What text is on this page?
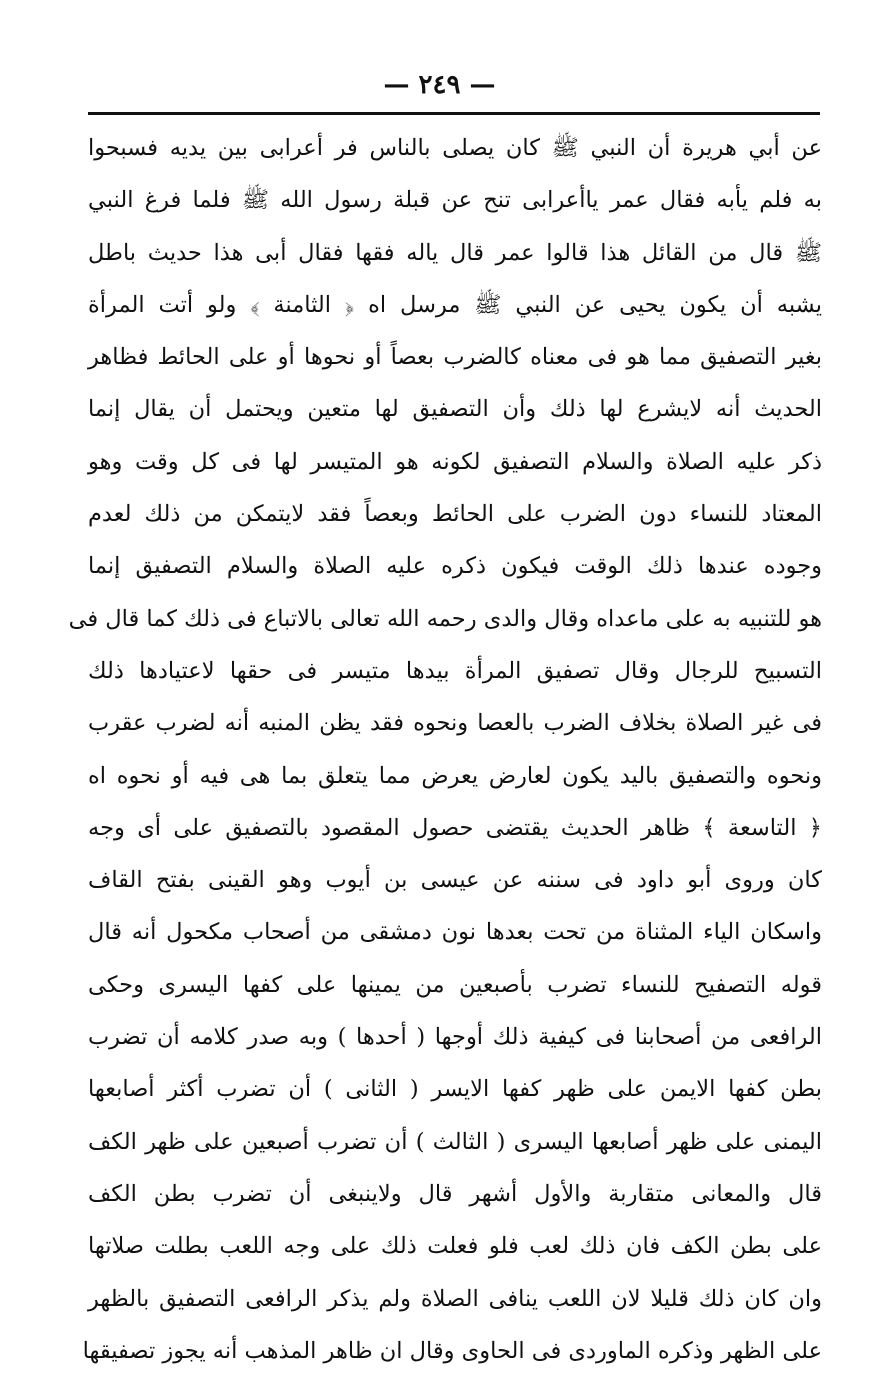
— ٢٤٩ —
عن أبي هريرة أن النبي ﷺ كان يصلى بالناس فر أعرابى بين يديه فسبحوا
به فلم يأبه فقال عمر ياأعرابى تنح عن قبلة رسول الله ﷺ فلما فرغ النبي
ﷺ قال من القائل هذا قالوا عمر قال ياله فقها فقال أبى هذا حديث باطل
يشبه أن يكون يحيى عن النبي ﷺ مرسل اه ﴿ الثامنة ﴾ ولو أتت المرأة
بغير التصفيق مما هو فى معناه كالضرب بعصاً أو نحوها أو على الحائط فظاهر
الحديث أنه لايشرع لها ذلك وأن التصفيق لها متعين ويحتمل أن يقال إنما
ذكر عليه الصلاة والسلام التصفيق لكونه هو المتيسر لها فى كل وقت وهو
المعتاد للنساء دون الضرب على الحائط وبعصاً فقد لايتمكن من ذلك لعدم
وجوده عندها ذلك الوقت فيكون ذكره عليه الصلاة والسلام التصفيق إنما
هو للتنبيه به على ماعداه وقال والدى رحمه الله تعالى بالاتباع فى ذلك كما قال فى
التسبيح للرجال وقال تصفيق المرأة بيدها متيسر فى حقها لاعتيادها ذلك
فى غير الصلاة بخلاف الضرب بالعصا ونحوه فقد يظن المنبه أنه لضرب عقرب
ونحوه والتصفيق باليد يكون لعارض يعرض مما يتعلق بما هى فيه أو نحوه اه
﴿ التاسعة ﴾ ظاهر الحديث يقتضى حصول المقصود بالتصفيق على أى وجه
كان وروى أبو داود فى سننه عن عيسى بن أيوب وهو القينى بفتح القاف
واسكان الياء المثناة من تحت بعدها نون دمشقى من أصحاب مكحول أنه قال
قوله التصفيح للنساء تضرب بأصبعين من يمينها على كفها اليسرى وحكى
الرافعى من أصحابنا فى كيفية ذلك أوجها ( أحدها ) وبه صدر كلامه أن تضرب
بطن كفها الايمن على ظهر كفها الايسر ( الثانى ) أن تضرب أكثر أصابعها
اليمنى على ظهر أصابعها اليسرى ( الثالث ) أن تضرب أصبعين على ظهر الكف
قال والمعانى متقاربة والأول أشهر قال ولاينبغى أن تضرب بطن الكف
على بطن الكف فان ذلك لعب فلو فعلت ذلك على وجه اللعب بطلت صلاتها
وان كان ذلك قليلا لان اللعب ينافى الصلاة ولم يذكر الرافعى التصفيق بالظهر
على الظهر وذكره الماوردى فى الحاوى وقال ان ظاهر المذهب أنه يجوز تصفيقها
